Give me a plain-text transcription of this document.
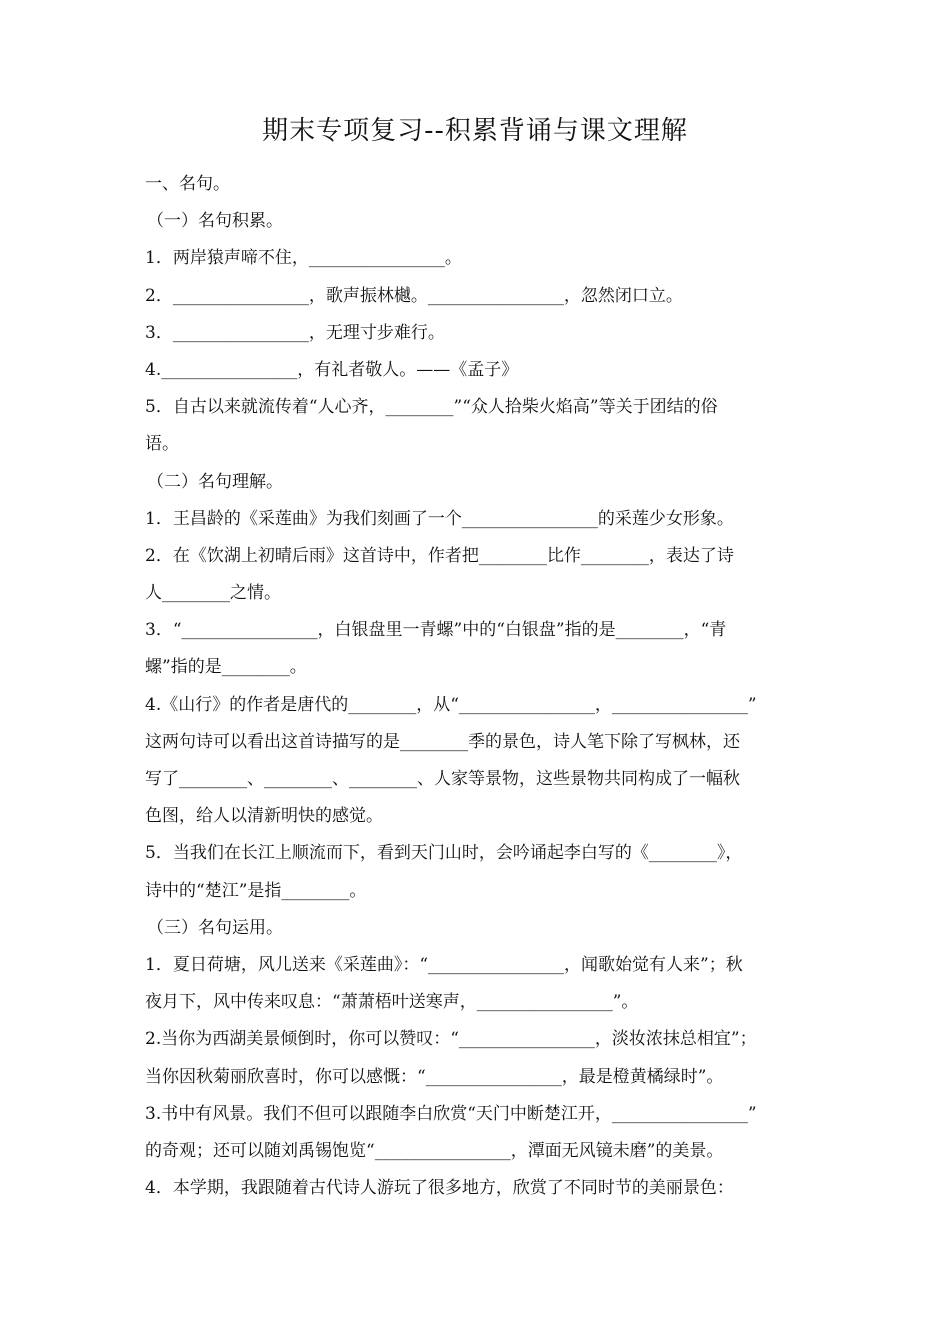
期末专项复习--积累背诵与课文理解
一、名句。
（一）名句积累。
1．两岸猿声啼不住，________________。
2．________________，歌声振林樾。________________，忽然闭口立。
3．________________，无理寸步难行。
4.________________，有礼者敬人。——《孟子》
5．自古以来就流传着“人心齐，________”“众人拾柴火焰高”等关于团结的俗
语。
（二）名句理解。
1．王昌龄的《采莲曲》为我们刻画了一个________________的采莲少女形象。
2．在《饮湖上初晴后雨》这首诗中，作者把________比作________，表达了诗
人________之情。
3．“________________，白银盘里一青螺”中的“白银盘”指的是________，“青
螺”指的是________。
4.《山行》的作者是唐代的________，从“________________，________________”
这两句诗可以看出这首诗描写的是________季的景色，诗人笔下除了写枫林，还
写了________、________、________、人家等景物，这些景物共同构成了一幅秋
色图，给人以清新明快的感觉。
5．当我们在长江上顺流而下，看到天门山时，会吟诵起李白写的《________》，
诗中的“楚江”是指________。
（三）名句运用。
1．夏日荷塘，风儿送来《采莲曲》：“________________，闻歌始觉有人来”；秋
夜月下，风中传来叹息：“萧萧梧叶送寒声，________________”。
2.当你为西湖美景倾倒时，你可以赞叹：“________________，淡妆浓抹总相宜”；
当你因秋菊丽欣喜时，你可以感慨：“________________，最是橙黄橘绿时”。
3.书中有风景。我们不但可以跟随李白欣赏“天门中断楚江开，________________”
的奇观；还可以随刘禹锡饱览“________________，潭面无风镜未磨”的美景。
4．本学期，我跟随着古代诗人游玩了很多地方，欣赏了不同时节的美丽景色：
